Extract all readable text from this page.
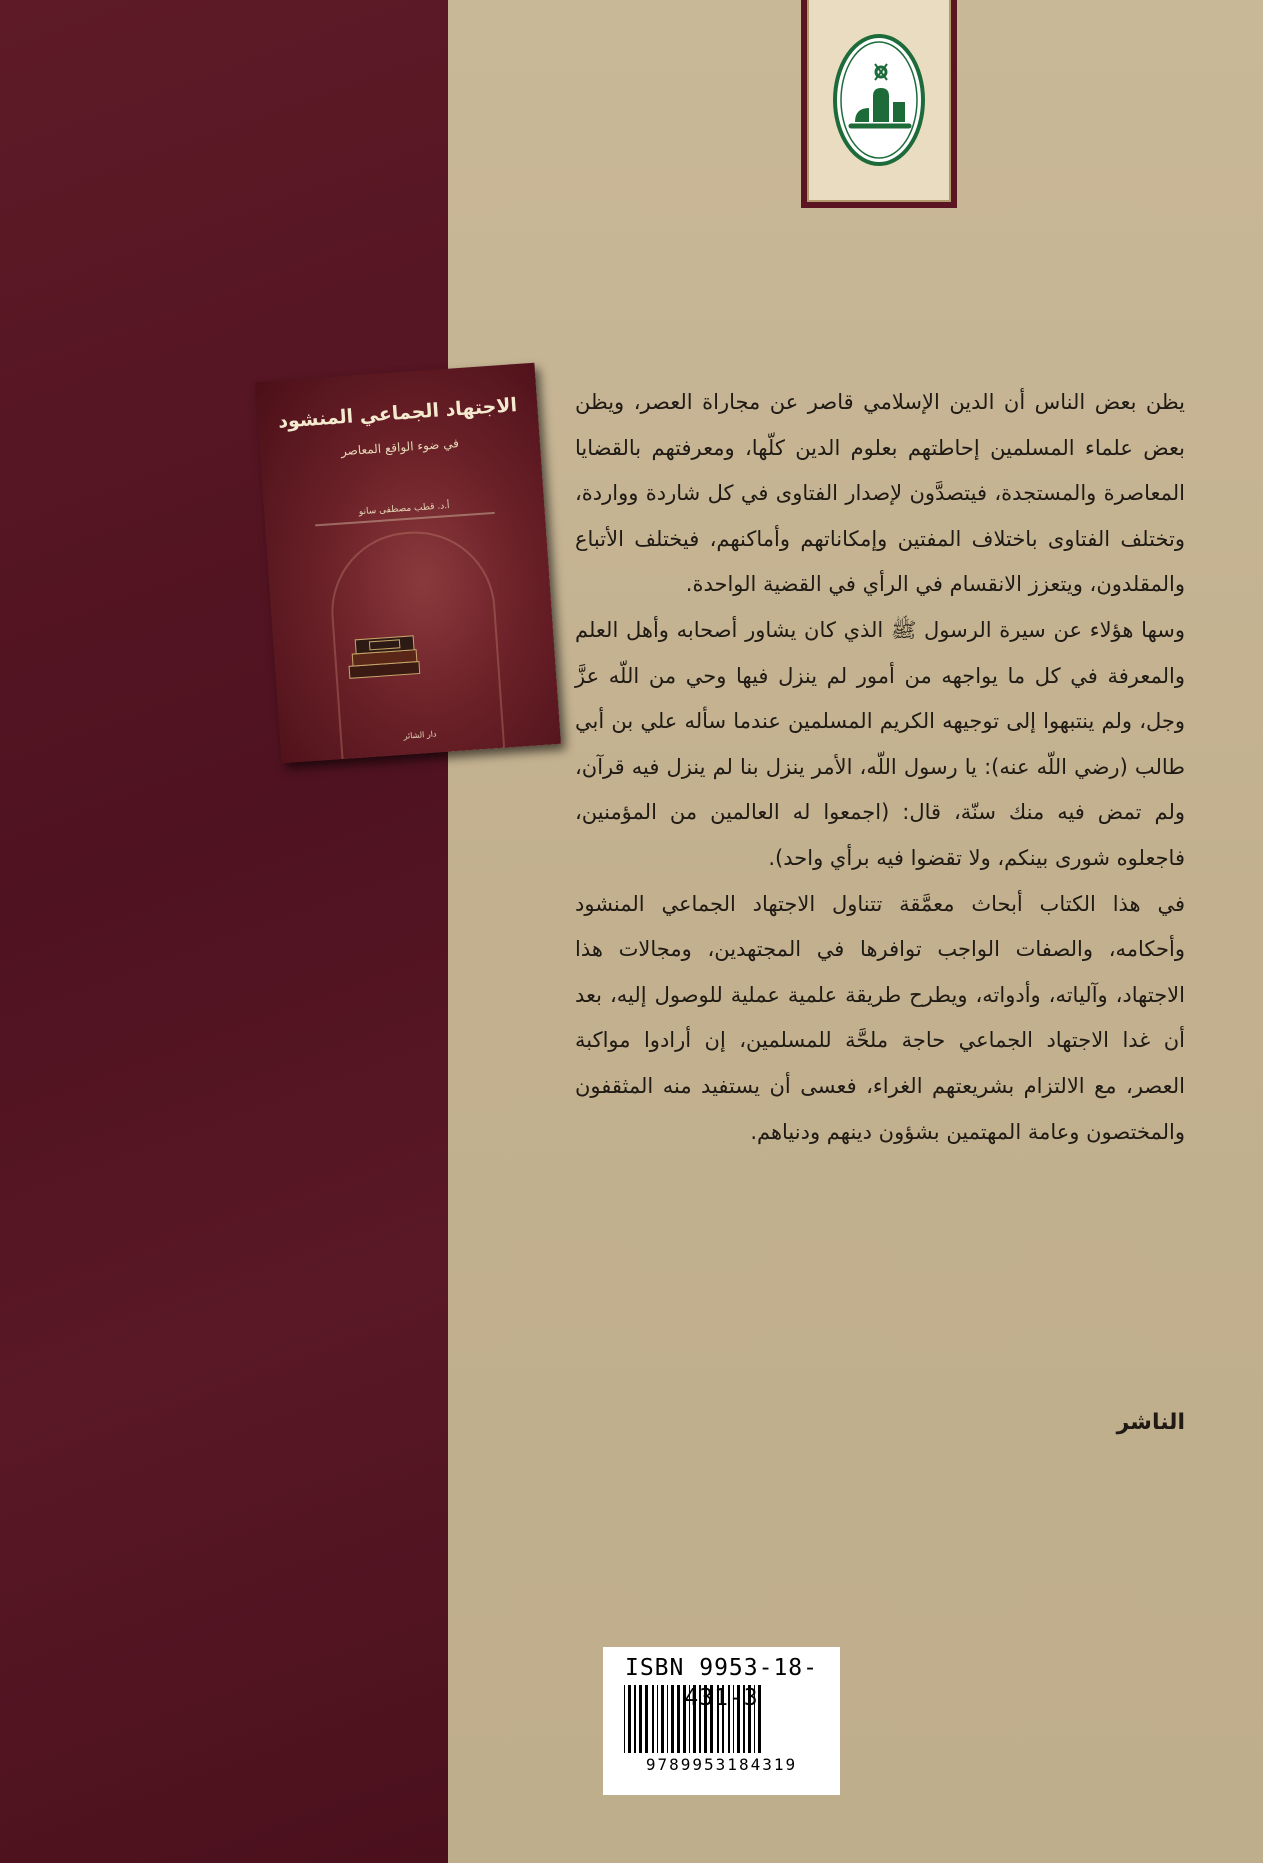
الاجتهاد الجماعي المنشود
في ضوء الواقع المعاصر
أ.د. قطب مصطفى سانو
دار الشائر

يظن بعض الناس أن الدين الإسلامي قاصر عن مجاراة العصر، ويظن بعض علماء المسلمين إحاطتهم بعلوم الدين كلّها، ومعرفتهم بالقضايا المعاصرة والمستجدة، فيتصدَّون لإصدار الفتاوى في كل شاردة وواردة، وتختلف الفتاوى باختلاف المفتين وإمكاناتهم وأماكنهم، فيختلف الأتباع والمقلدون، ويتعزز الانقسام في الرأي في القضية الواحدة.

وسها هؤلاء عن سيرة الرسول ﷺ الذي كان يشاور أصحابه وأهل العلم والمعرفة في كل ما يواجهه من أمور لم ينزل فيها وحي من اللّه عزَّ وجل، ولم ينتبهوا إلى توجيهه الكريم المسلمين عندما سأله علي بن أبي طالب (رضي اللّه عنه): يا رسول اللّه، الأمر ينزل بنا لم ينزل فيه قرآن، ولم تمض فيه منك سنّة، قال: (اجمعوا له العالمين من المؤمنين، فاجعلوه شورى بينكم، ولا تقضوا فيه برأي واحد).

في هذا الكتاب أبحاث معمَّقة تتناول الاجتهاد الجماعي المنشود وأحكامه، والصفات الواجب توافرها في المجتهدين، ومجالات هذا الاجتهاد، وآلياته، وأدواته، ويطرح طريقة علمية عملية للوصول إليه، بعد أن غدا الاجتهاد الجماعي حاجة ملحَّة للمسلمين، إن أرادوا مواكبة العصر، مع الالتزام بشريعتهم الغراء، فعسى أن يستفيد منه المثقفون والمختصون وعامة المهتمين بشؤون دينهم ودنياهم.

الناشر
ISBN 9953-18-431-3
9789953184319
